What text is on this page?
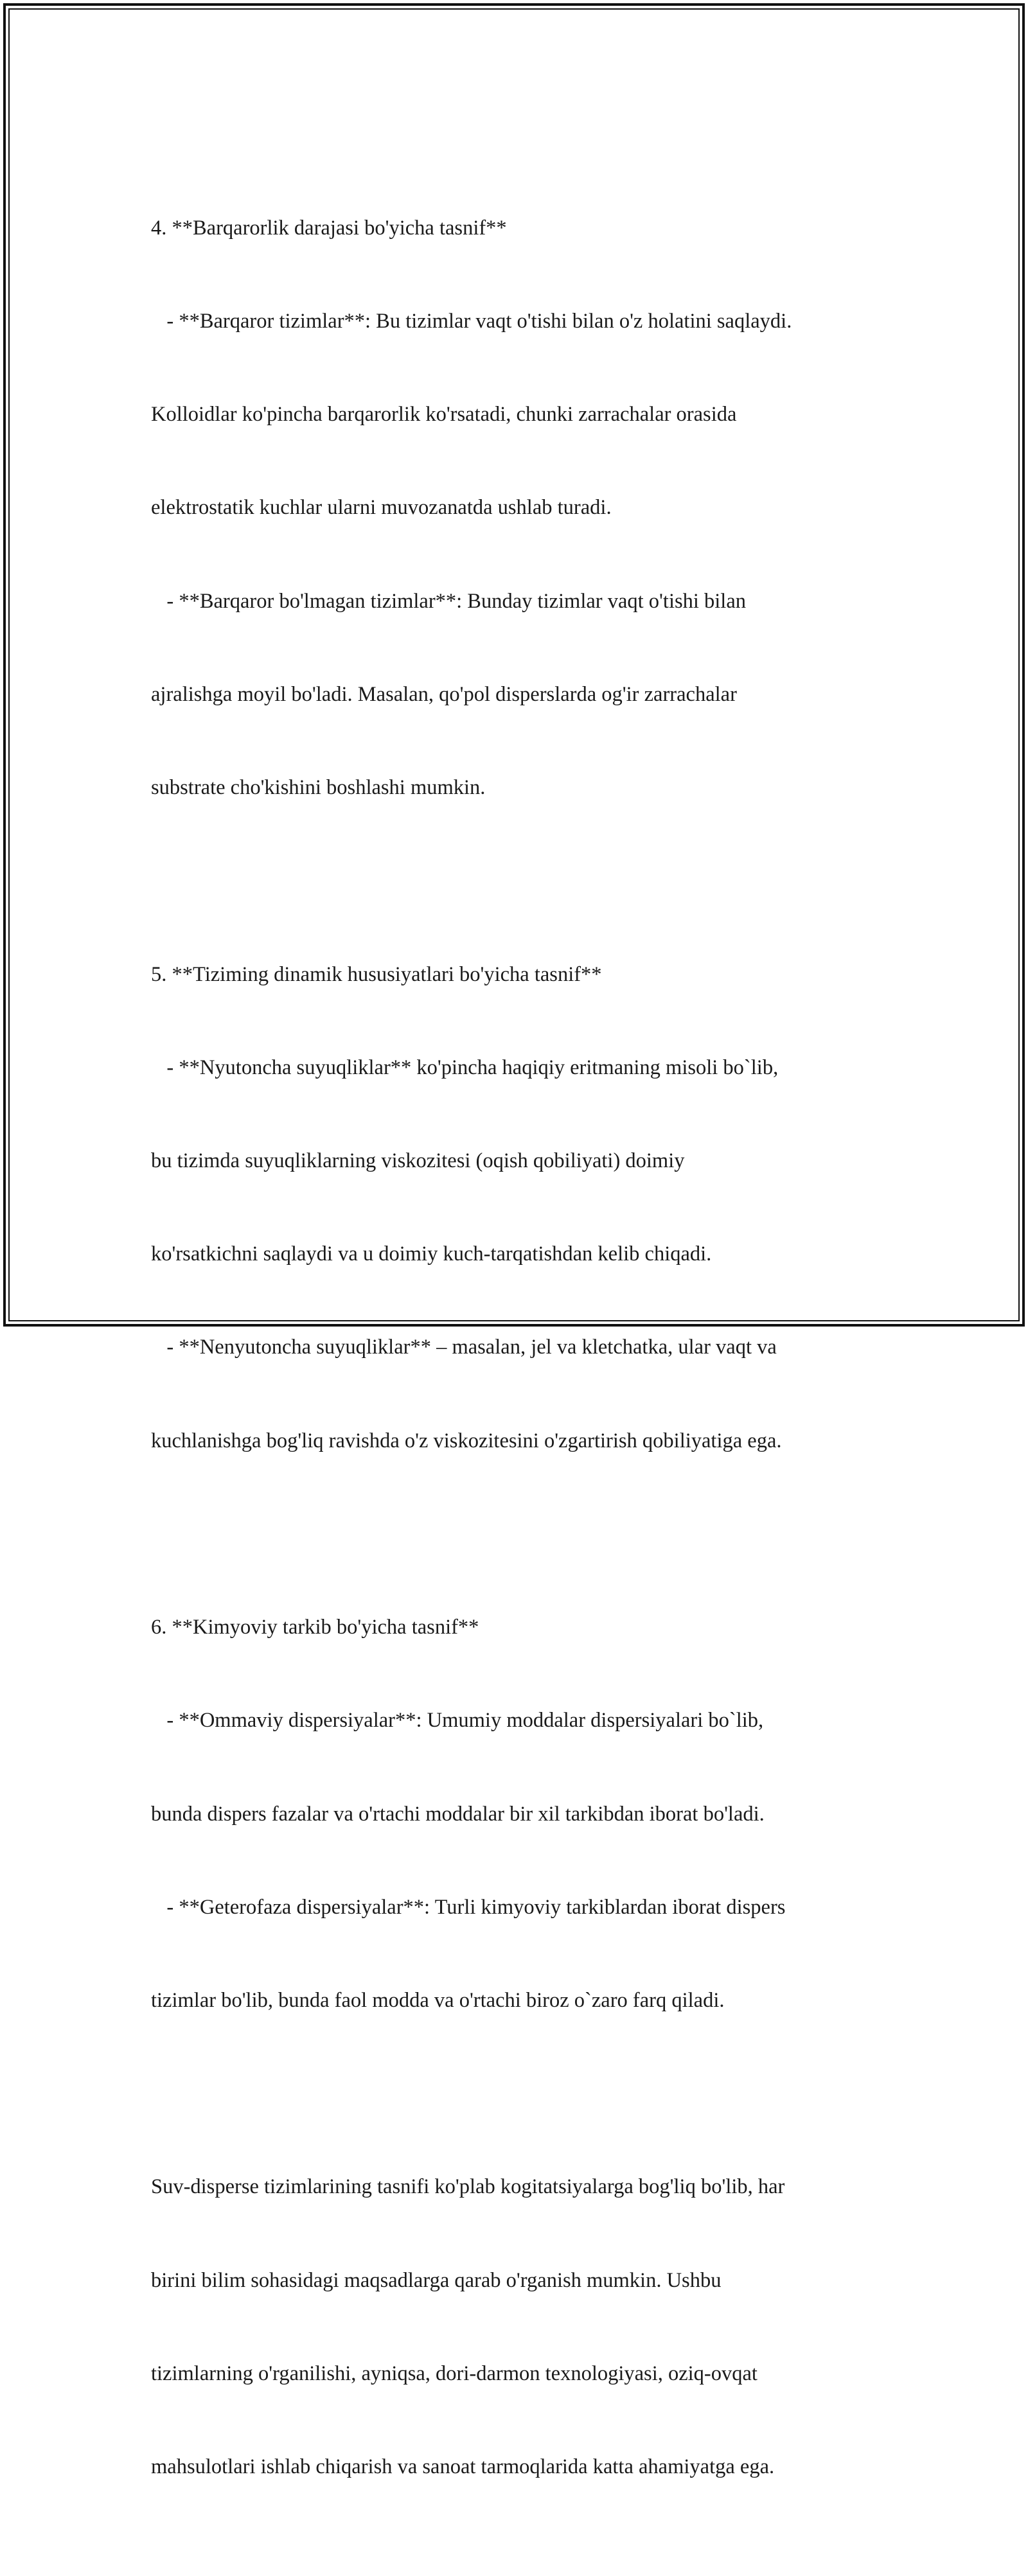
4. **Barqarorlik darajasi bo'yicha tasnif**

- **Barqaror tizimlar**: Bu tizimlar vaqt o'tishi bilan o'z holatini saqlaydi.

Kolloidlar ko'pincha barqarorlik ko'rsatadi, chunki zarrachalar orasida

elektrostatik kuchlar ularni muvozanatda ushlab turadi.

- **Barqaror bo'lmagan tizimlar**: Bunday tizimlar vaqt o'tishi bilan

ajralishga moyil bo'ladi. Masalan, qo'pol disperslarda og'ir zarrachalar

substrate cho'kishini boshlashi mumkin.

5. **Tiziming dinamik hususiyatlari bo'yicha tasnif**

- **Nyutoncha suyuqliklar** ko'pincha haqiqiy eritmaning misoli bo`lib,

bu tizimda suyuqliklarning viskozitesi (oqish qobiliyati) doimiy

ko'rsatkichni saqlaydi va u doimiy kuch-tarqatishdan kelib chiqadi.

- **Nenyutoncha suyuqliklar** – masalan, jel va kletchatka, ular vaqt va

kuchlanishga bog'liq ravishda o'z viskozitesini o'zgartirish qobiliyatiga ega.

6. **Kimyoviy tarkib bo'yicha tasnif**

- **Ommaviy dispersiyalar**: Umumiy moddalar dispersiyalari bo`lib,

bunda dispers fazalar va o'rtachi moddalar bir xil tarkibdan iborat bo'ladi.

- **Geterofaza dispersiyalar**: Turli kimyoviy tarkiblardan iborat dispers

tizimlar bo'lib, bunda faol modda va o'rtachi biroz o`zaro farq qiladi.

Suv-disperse tizimlarining tasnifi ko'plab kogitatsiyalarga bog'liq bo'lib, har

birini bilim sohasidagi maqsadlarga qarab o'rganish mumkin. Ushbu

tizimlarning o'rganilishi, ayniqsa, dori-darmon texnologiyasi, oziq-ovqat

mahsulotlari ishlab chiqarish va sanoat tarmoqlarida katta ahamiyatga ega.
